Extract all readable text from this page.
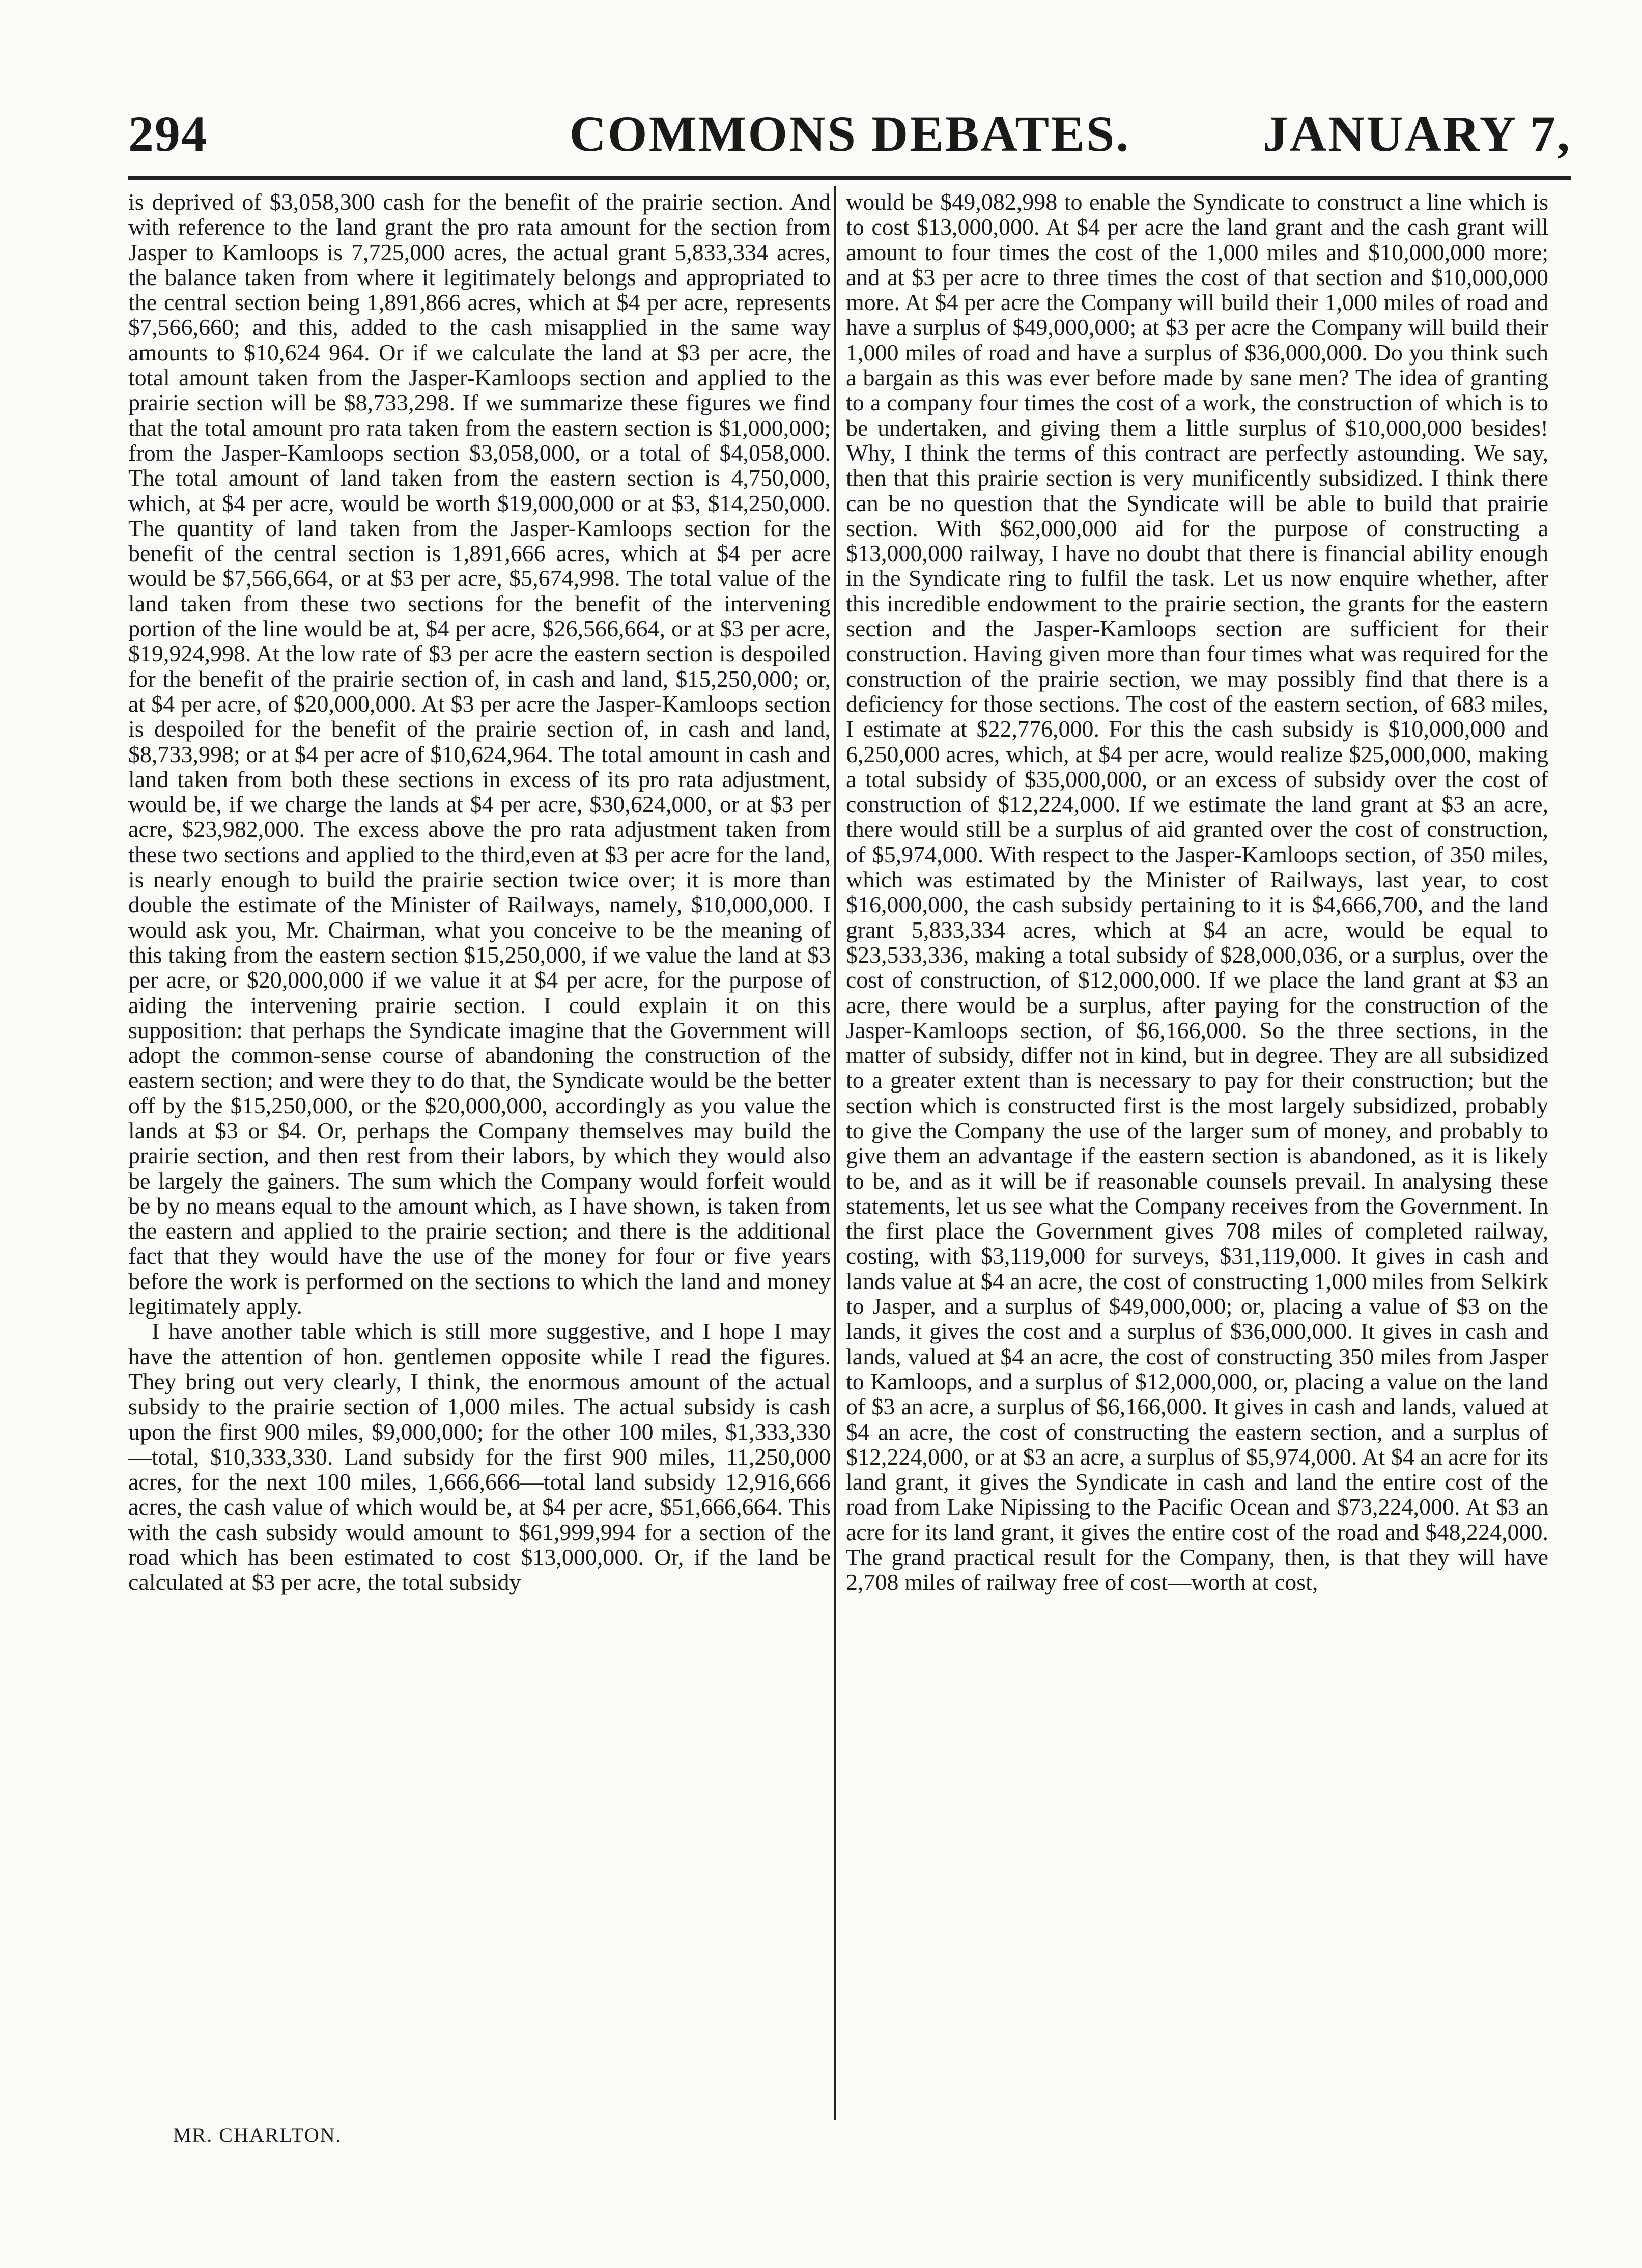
294	COMMONS DEBATES.	JANUARY 7,

is deprived of $3,058,300 cash for the benefit of the prairie section. And with reference to the land grant the pro rata amount for the section from Jasper to Kamloops is 7,725,000 acres, the actual grant 5,833,334 acres, the balance taken from where it legitimately belongs and appropriated to the central section being 1,891,866 acres, which at $4 per acre, represents $7,566,660; and this, added to the cash misapplied in the same way amounts to $10,624 964. Or if we calculate the land at $3 per acre, the total amount taken from the Jasper-Kamloops section and applied to the prairie section will be $8,733,298. If we summarize these figures we find that the total amount pro rata taken from the eastern section is $1,000,000; from the Jasper-Kamloops section $3,058,000, or a total of $4,058,000. The total amount of land taken from the eastern section is 4,750,000, which, at $4 per acre, would be worth $19,000,000 or at $3, $14,250,000. The quantity of land taken from the Jasper-Kamloops section for the benefit of the central section is 1,891,666 acres, which at $4 per acre would be $7,566,664, or at $3 per acre, $5,674,998. The total value of the land taken from these two sections for the benefit of the intervening portion of the line would be at, $4 per acre, $26,566,664, or at $3 per acre, $19,924,998. At the low rate of $3 per acre the eastern section is despoiled for the benefit of the prairie section of, in cash and land, $15,250,000; or, at $4 per acre, of $20,000,000. At $3 per acre the Jasper-Kamloops section is despoiled for the benefit of the prairie section of, in cash and land, $8,733,998; or at $4 per acre of $10,624,964. The total amount in cash and land taken from both these sections in excess of its pro rata adjustment, would be, if we charge the lands at $4 per acre, $30,624,000, or at $3 per acre, $23,982,000. The excess above the pro rata adjustment taken from these two sections and applied to the third,even at $3 per acre for the land, is nearly enough to build the prairie section twice over; it is more than double the estimate of the Minister of Railways, namely, $10,000,000. I would ask you, Mr. Chairman, what you conceive to be the meaning of this taking from the eastern section $15,250,000, if we value the land at $3 per acre, or $20,000,000 if we value it at $4 per acre, for the purpose of aiding the intervening prairie section. I could explain it on this supposition: that perhaps the Syndicate imagine that the Government will adopt the common-sense course of abandoning the construction of the eastern section; and were they to do that, the Syndicate would be the better off by the $15,250,000, or the $20,000,000, accordingly as you value the lands at $3 or $4. Or, perhaps the Company themselves may build the prairie section, and then rest from their labors, by which they would also be largely the gainers. The sum which the Company would forfeit would be by no means equal to the amount which, as I have shown, is taken from the eastern and applied to the prairie section; and there is the additional fact that they would have the use of the money for four or five years before the work is performed on the sections to which the land and money legitimately apply.

I have another table which is still more suggestive, and I hope I may have the attention of hon. gentlemen opposite while I read the figures. They bring out very clearly, I think, the enormous amount of the actual subsidy to the prairie section of 1,000 miles. The actual subsidy is cash upon the first 900 miles, $9,000,000; for the other 100 miles, $1,333,330—total, $10,333,330. Land subsidy for the first 900 miles, 11,250,000 acres, for the next 100 miles, 1,666,666—total land subsidy 12,916,666 acres, the cash value of which would be, at $4 per acre, $51,666,664. This with the cash subsidy would amount to $61,999,994 for a section of the road which has been estimated to cost $13,000,000. Or, if the land be calculated at $3 per acre, the total subsidy

would be $49,082,998 to enable the Syndicate to construct a line which is to cost $13,000,000. At $4 per acre the land grant and the cash grant will amount to four times the cost of the 1,000 miles and $10,000,000 more; and at $3 per acre to three times the cost of that section and $10,000,000 more. At $4 per acre the Company will build their 1,000 miles of road and have a surplus of $49,000,000; at $3 per acre the Company will build their 1,000 miles of road and have a surplus of $36,000,000. Do you think such a bargain as this was ever before made by sane men? The idea of granting to a company four times the cost of a work, the construction of which is to be undertaken, and giving them a little surplus of $10,000,000 besides! Why, I think the terms of this contract are perfectly astounding. We say, then that this prairie section is very munificently subsidized. I think there can be no question that the Syndicate will be able to build that prairie section. With $62,000,000 aid for the purpose of constructing a $13,000,000 railway, I have no doubt that there is financial ability enough in the Syndicate ring to fulfil the task. Let us now enquire whether, after this incredible endowment to the prairie section, the grants for the eastern section and the Jasper-Kamloops section are sufficient for their construction. Having given more than four times what was required for the construction of the prairie section, we may possibly find that there is a deficiency for those sections. The cost of the eastern section, of 683 miles, I estimate at $22,776,000. For this the cash subsidy is $10,000,000 and 6,250,000 acres, which, at $4 per acre, would realize $25,000,000, making a total subsidy of $35,000,000, or an excess of subsidy over the cost of construction of $12,224,000. If we estimate the land grant at $3 an acre, there would still be a surplus of aid granted over the cost of construction, of $5,974,000. With respect to the Jasper-Kamloops section, of 350 miles, which was estimated by the Minister of Railways, last year, to cost $16,000,000, the cash subsidy pertaining to it is $4,666,700, and the land grant 5,833,334 acres, which at $4 an acre, would be equal to $23,533,336, making a total subsidy of $28,000,036, or a surplus, over the cost of construction, of $12,000,000. If we place the land grant at $3 an acre, there would be a surplus, after paying for the construction of the Jasper-Kamloops section, of $6,166,000. So the three sections, in the matter of subsidy, differ not in kind, but in degree. They are all subsidized to a greater extent than is necessary to pay for their construction; but the section which is constructed first is the most largely subsidized, probably to give the Company the use of the larger sum of money, and probably to give them an advantage if the eastern section is abandoned, as it is likely to be, and as it will be if reasonable counsels prevail. In analysing these statements, let us see what the Company receives from the Government. In the first place the Government gives 708 miles of completed railway, costing, with $3,119,000 for surveys, $31,119,000. It gives in cash and lands value at $4 an acre, the cost of constructing 1,000 miles from Selkirk to Jasper, and a surplus of $49,000,000; or, placing a value of $3 on the lands, it gives the cost and a surplus of $36,000,000. It gives in cash and lands, valued at $4 an acre, the cost of constructing 350 miles from Jasper to Kamloops, and a surplus of $12,000,000, or, placing a value on the land of $3 an acre, a surplus of $6,166,000. It gives in cash and lands, valued at $4 an acre, the cost of constructing the eastern section, and a surplus of $12,224,000, or at $3 an acre, a surplus of $5,974,000. At $4 an acre for its land grant, it gives the Syndicate in cash and land the entire cost of the road from Lake Nipissing to the Pacific Ocean and $73,224,000. At $3 an acre for its land grant, it gives the entire cost of the road and $48,224,000. The grand practical result for the Company, then, is that they will have 2,708 miles of railway free of cost—worth at cost,

MR. CHARLTON.
